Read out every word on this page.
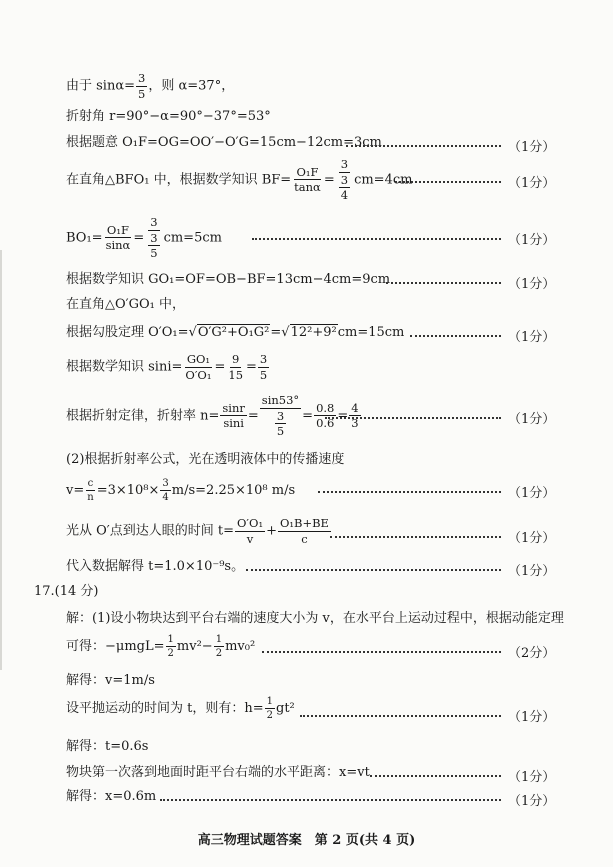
由于 $\sin\alpha= \frac{3}{5}$ ，则 α=37°，
折射角 r=90°−α=90°−37°=53°
根据题意 O₁F=OG=OO′−O′G=15cm−12cm=3cm	（1分）
在直角△BFO₁ 中，根据数学知识 $BF= \frac{\text{O₁F}}{\tan\alpha} = \frac{3}{\frac{3}{4}} cm=4cm$	（1分）
$BO_1= \frac{\text{O₁F}}{\sin\alpha} = \frac{3}{\frac{3}{5}} cm=5cm$	（1分）
根据数学知识 GO₁=OF=OB−BF=13cm−4cm=9cm	（1分）
在直角△O′GO₁ 中，
根据勾股定理 O′O₁=√O′G²+O₁G²=√12²+9²cm=15cm	（1分）
根据数学知识 $\sin i= \frac{\text{GO₁}}{\text{O′O₁}} = \frac{9}{15} = \frac{3}{5}$
根据折射定律，折射率 $n= \frac{\sin r}{\sin i} = \frac{\sin 53^\circ}{\frac{3}{5}} = \frac{0.8}{0.6} = \frac{4}{3}$	（1分）
(2)根据折射率公式，光在透明液体中的传播速度
$v= \frac{c}{n} =3\times 10^8\times \frac{3}{4} m/s=2.25\times 10^8$ m/s	（1分）
光从 O′点到达人眼的时间 $t= \frac{\text{O′O₁}}{v} + \frac{\text{O₁B+BE}}{c}$	（1分）
代入数据解得 t=1.0×10⁻⁹s。	（1分）
17.(14 分)
解：(1)设小物块达到平台右端的速度大小为 v，在水平台上运动过程中，根据动能定理
可得：$-\mu mgL= \frac{1}{2} mv^2- \frac{1}{2} mv_0^2$	（2分）
解得：v=1m/s
设平抛运动的时间为 t，则有：$h= \frac{1}{2} gt^2$
（1分）
解得：t=0.6s
物块第一次落到地面时距平台右端的水平距离：x=vt	（1分）
解得：x=0.6m	（1分）
高三物理试题答案　第 2 页(共 4 页)
